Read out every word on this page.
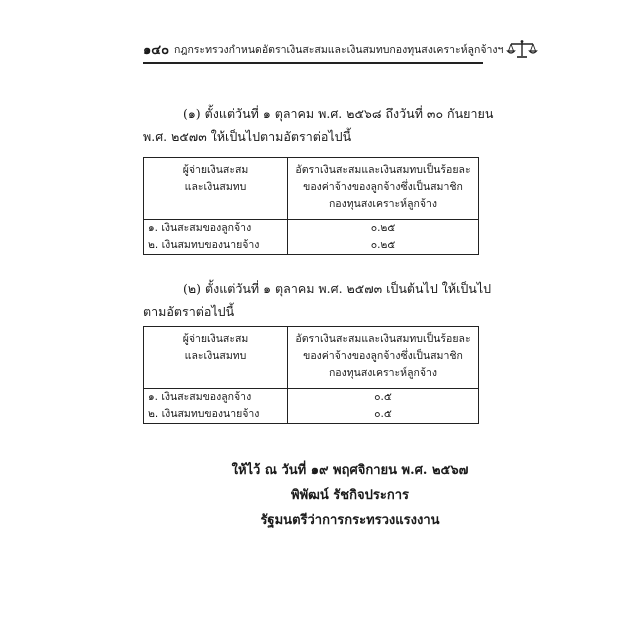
๑๔๐ กฎกระทรวงกำหนดอัตราเงินสะสมและเงินสมทบกองทุนสงเคราะห์ลูกจ้างฯ
(๑) ตั้งแต่วันที่ ๑ ตุลาคม พ.ศ. ๒๕๖๘ ถึงวันที่ ๓๐ กันยายน
พ.ศ. ๒๕๗๓ ให้เป็นไปตามอัตราต่อไปนี้
ผู้จ่ายเงินสะสม
และเงินสมทบ	อัตราเงินสะสมและเงินสมทบเป็นร้อยละ
ของค่าจ้างของลูกจ้างซึ่งเป็นสมาชิก
กองทุนสงเคราะห์ลูกจ้าง

๑. เงินสะสมของลูกจ้าง	๐.๒๕
๒. เงินสมทบของนายจ้าง	๐.๒๕
(๒) ตั้งแต่วันที่ ๑ ตุลาคม พ.ศ. ๒๕๗๓ เป็นต้นไป ให้เป็นไป
ตามอัตราต่อไปนี้
ผู้จ่ายเงินสะสม
และเงินสมทบ	อัตราเงินสะสมและเงินสมทบเป็นร้อยละ
ของค่าจ้างของลูกจ้างซึ่งเป็นสมาชิก
กองทุนสงเคราะห์ลูกจ้าง

๑. เงินสะสมของลูกจ้าง	๐.๕
๒. เงินสมทบของนายจ้าง	๐.๕
ให้ไว้ ณ วันที่ ๑๙ พฤศจิกายน พ.ศ. ๒๕๖๗
พิพัฒน์ รัชกิจประการ
รัฐมนตรีว่าการกระทรวงแรงงาน
